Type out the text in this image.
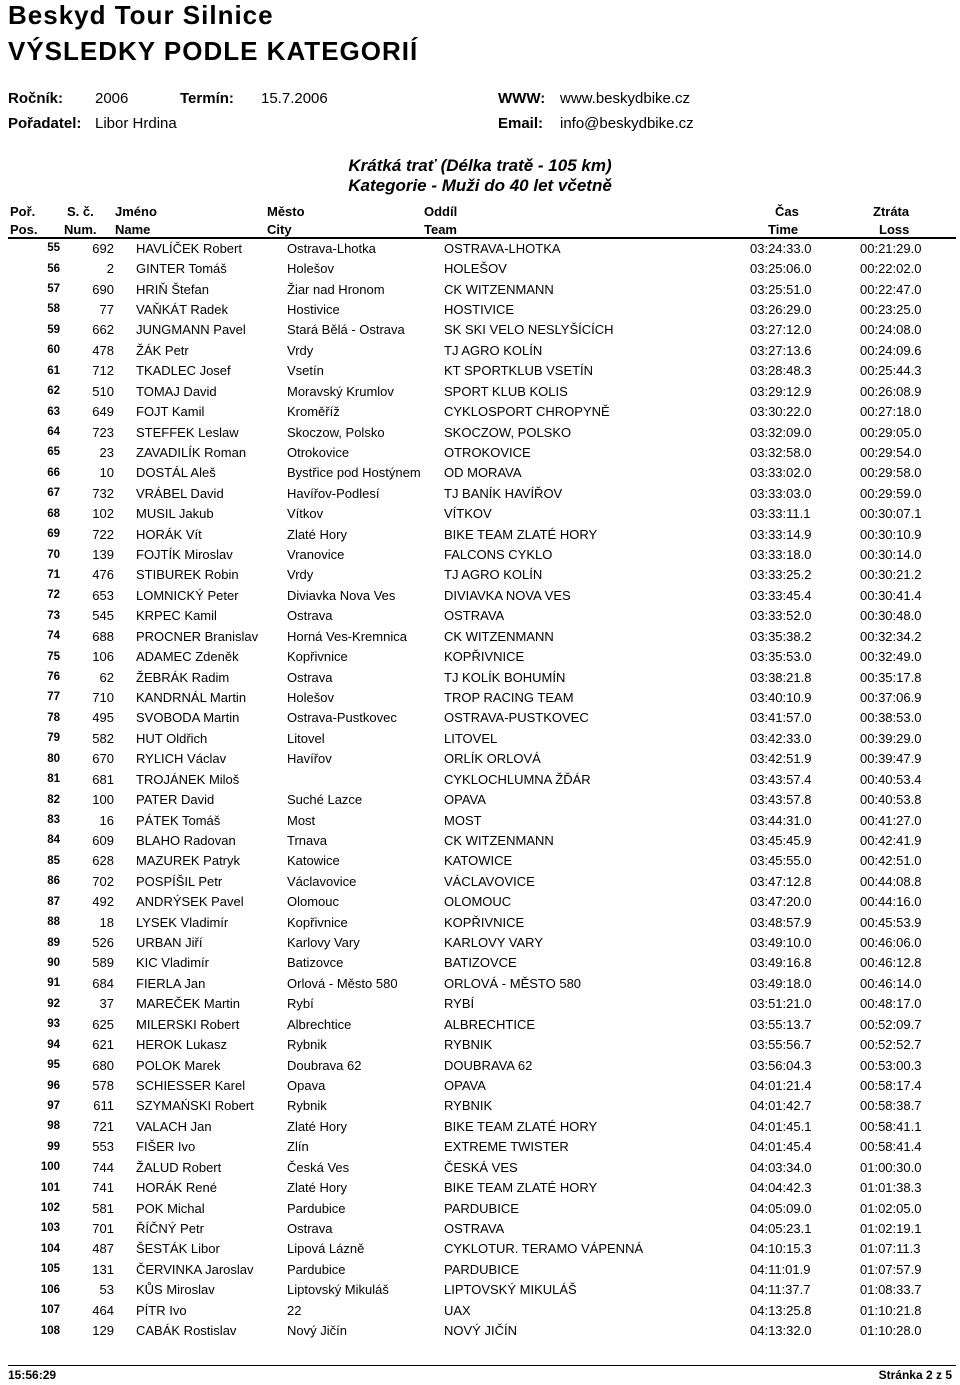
Beskyd Tour Silnice
VÝSLEDKY PODLE KATEGORIÍ
Ročník: 2006	Termín: 15.7.2006	WWW: www.beskydbike.cz
Pořadatel: Libor Hrdina	Email: info@beskydbike.cz
Krátká trať (Délka tratě - 105 km)
Kategorie - Muži do 40 let včetně
Poř.
Pos.
S. č.
Num.
Jméno
Name
Město
City
Oddíl
Team
Čas
Time
Ztráta
Loss
55	692	HAVLÍČEK Robert	Ostrava-Lhotka	OSTRAVA-LHOTKA	03:24:33.0	00:21:29.0
56	2	GINTER Tomáš	Holešov	HOLEŠOV	03:25:06.0	00:22:02.0
57	690	HRIŇ Štefan	Žiar nad Hronom	CK WITZENMANN	03:25:51.0	00:22:47.0
58	77	VAŇKÁT Radek	Hostivice	HOSTIVICE	03:26:29.0	00:23:25.0
59	662	JUNGMANN Pavel	Stará Bělá - Ostrava	SK SKI VELO NESLYŠÍCÍCH	03:27:12.0	00:24:08.0
60	478	ŽÁK Petr	Vrdy	TJ AGRO KOLÍN	03:27:13.6	00:24:09.6
61	712	TKADLEC Josef	Vsetín	KT SPORTKLUB VSETÍN	03:28:48.3	00:25:44.3
62	510	TOMAJ David	Moravský Krumlov	SPORT KLUB KOLIS	03:29:12.9	00:26:08.9
63	649	FOJT Kamil	Kroměříž	CYKLOSPORT CHROPYNĚ	03:30:22.0	00:27:18.0
64	723	STEFFEK Leslaw	Skoczow, Polsko	SKOCZOW, POLSKO	03:32:09.0	00:29:05.0
65	23	ZAVADILÍK Roman	Otrokovice	OTROKOVICE	03:32:58.0	00:29:54.0
66	10	DOSTÁL Aleš	Bystřice pod Hostýnem	OD MORAVA	03:33:02.0	00:29:58.0
67	732	VRÁBEL David	Havířov-Podlesí	TJ BANÍK HAVÍŘOV	03:33:03.0	00:29:59.0
68	102	MUSIL Jakub	Vítkov	VÍTKOV	03:33:11.1	00:30:07.1
69	722	HORÁK Vít	Zlaté Hory	BIKE TEAM ZLATÉ HORY	03:33:14.9	00:30:10.9
70	139	FOJTÍK Miroslav	Vranovice	FALCONS CYKLO	03:33:18.0	00:30:14.0
71	476	STIBUREK Robin	Vrdy	TJ AGRO KOLÍN	03:33:25.2	00:30:21.2
72	653	LOMNICKÝ Peter	Diviavka Nova Ves	DIVIAVKA NOVA VES	03:33:45.4	00:30:41.4
73	545	KRPEC Kamil	Ostrava	OSTRAVA	03:33:52.0	00:30:48.0
74	688	PROCNER Branislav	Horná Ves-Kremnica	CK WITZENMANN	03:35:38.2	00:32:34.2
75	106	ADAMEC Zdeněk	Kopřivnice	KOPŘIVNICE	03:35:53.0	00:32:49.0
76	62	ŽEBRÁK Radim	Ostrava	TJ KOLÍK BOHUMÍN	03:38:21.8	00:35:17.8
77	710	KANDRNÁL Martin	Holešov	TROP RACING TEAM	03:40:10.9	00:37:06.9
78	495	SVOBODA Martin	Ostrava-Pustkovec	OSTRAVA-PUSTKOVEC	03:41:57.0	00:38:53.0
79	582	HUT Oldřich	Litovel	LITOVEL	03:42:33.0	00:39:29.0
80	670	RYLICH Václav	Havířov	ORLÍK ORLOVÁ	03:42:51.9	00:39:47.9
81	681	TROJÁNEK Miloš		CYKLOCHLUMNA ŽĎÁR	03:43:57.4	00:40:53.4
82	100	PATER David	Suché Lazce	OPAVA	03:43:57.8	00:40:53.8
83	16	PÁTEK Tomáš	Most	MOST	03:44:31.0	00:41:27.0
84	609	BLAHO Radovan	Trnava	CK WITZENMANN	03:45:45.9	00:42:41.9
85	628	MAZUREK Patryk	Katowice	KATOWICE	03:45:55.0	00:42:51.0
86	702	POSPÍŠIL Petr	Václavovice	VÁCLAVOVICE	03:47:12.8	00:44:08.8
87	492	ANDRÝSEK Pavel	Olomouc	OLOMOUC	03:47:20.0	00:44:16.0
88	18	LYSEK Vladimír	Kopřivnice	KOPŘIVNICE	03:48:57.9	00:45:53.9
89	526	URBAN Jiří	Karlovy Vary	KARLOVY VARY	03:49:10.0	00:46:06.0
90	589	KIC Vladimír	Batizovce	BATIZOVCE	03:49:16.8	00:46:12.8
91	684	FIERLA Jan	Orlová - Město 580	ORLOVÁ - MĚSTO 580	03:49:18.0	00:46:14.0
92	37	MAREČEK Martin	Rybí	RYBÍ	03:51:21.0	00:48:17.0
93	625	MILERSKI Robert	Albrechtice	ALBRECHTICE	03:55:13.7	00:52:09.7
94	621	HEROK Lukasz	Rybnik	RYBNIK	03:55:56.7	00:52:52.7
95	680	POLOK Marek	Doubrava 62	DOUBRAVA 62	03:56:04.3	00:53:00.3
96	578	SCHIESSER Karel	Opava	OPAVA	04:01:21.4	00:58:17.4
97	611	SZYMAŃSKI Robert	Rybnik	RYBNIK	04:01:42.7	00:58:38.7
98	721	VALACH Jan	Zlaté Hory	BIKE TEAM ZLATÉ HORY	04:01:45.1	00:58:41.1
99	553	FIŠER Ivo	Zlín	EXTREME TWISTER	04:01:45.4	00:58:41.4
100	744	ŽALUD Robert	Česká Ves	ČESKÁ VES	04:03:34.0	01:00:30.0
101	741	HORÁK René	Zlaté Hory	BIKE TEAM ZLATÉ HORY	04:04:42.3	01:01:38.3
102	581	POK Michal	Pardubice	PARDUBICE	04:05:09.0	01:02:05.0
103	701	ŘÍČNÝ Petr	Ostrava	OSTRAVA	04:05:23.1	01:02:19.1
104	487	ŠESTÁK Libor	Lipová Lázně	CYKLOTUR. TERAMO VÁPENNÁ	04:10:15.3	01:07:11.3
105	131	ČERVINKA Jaroslav	Pardubice	PARDUBICE	04:11:01.9	01:07:57.9
106	53	KŮS Miroslav	Liptovský Mikuláš	LIPTOVSKÝ MIKULÁŠ	04:11:37.7	01:08:33.7
107	464	PÍTR Ivo	22	UAX	04:13:25.8	01:10:21.8
108	129	CABÁK Rostislav	Nový Jičín	NOVÝ JIČÍN	04:13:32.0	01:10:28.0
15:56:29	Stránka 2 z 5
